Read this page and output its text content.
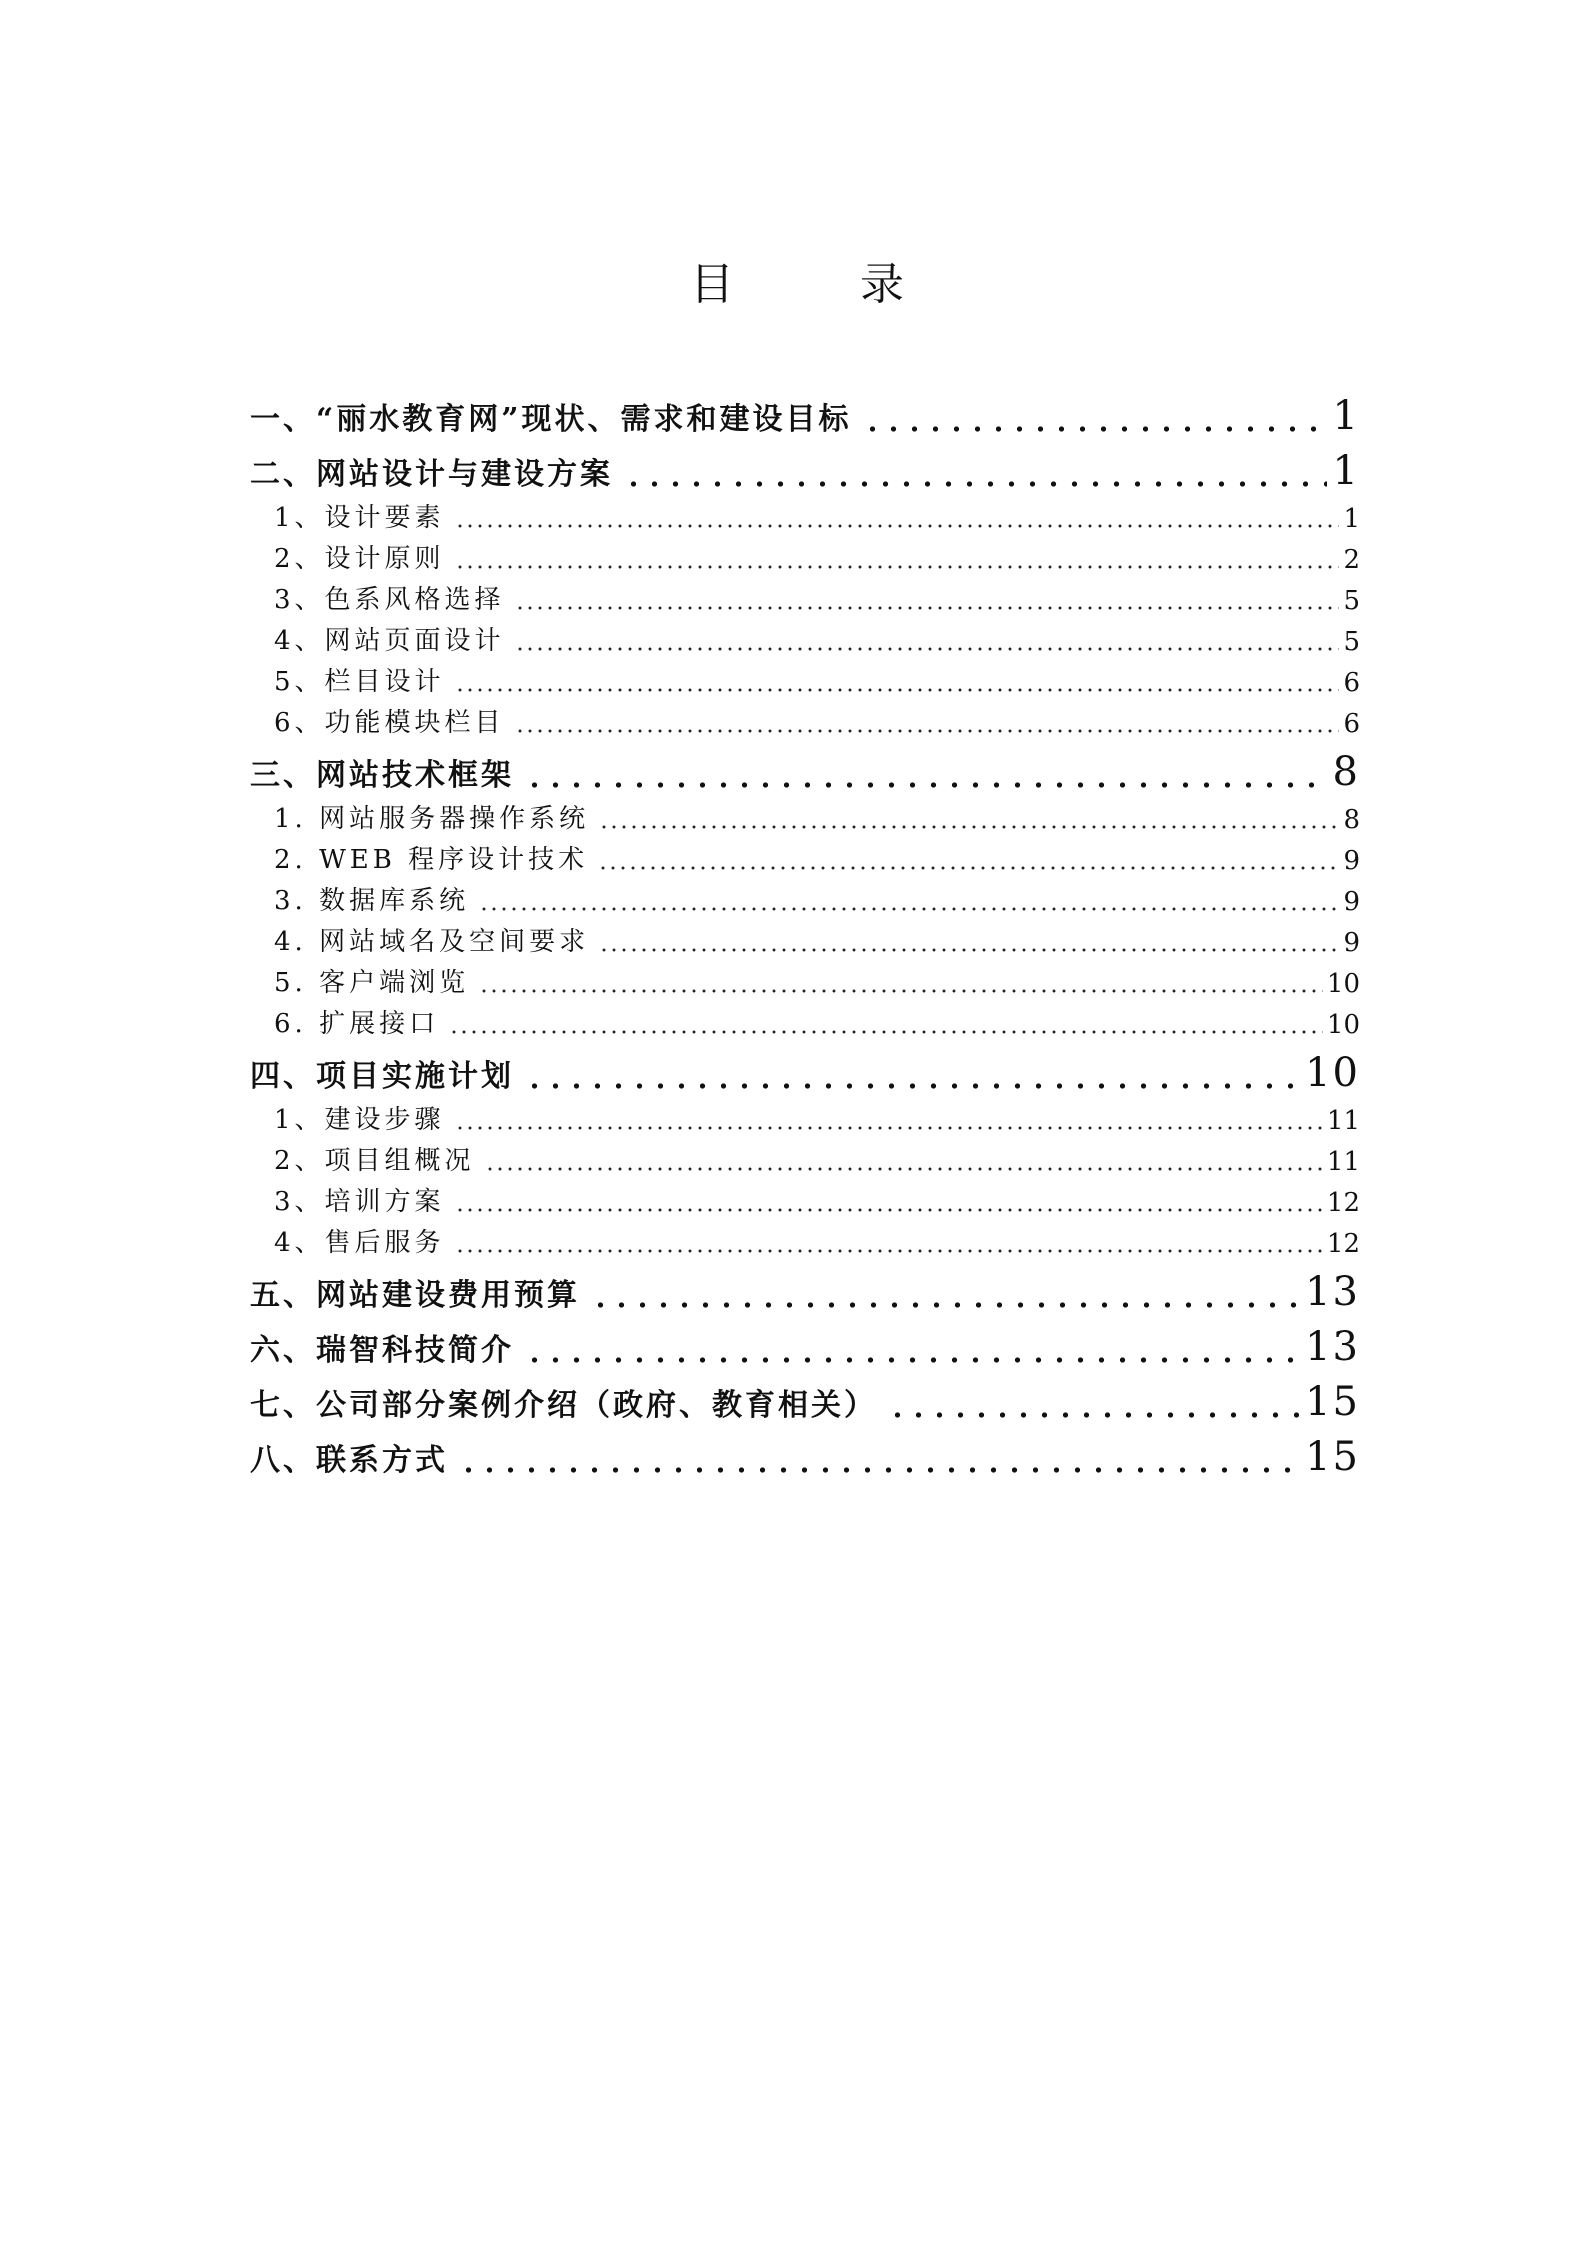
目 录
一、“丽水教育网”现状、需求和建设目标	1
二、网站设计与建设方案	1
1、设计要素	1
2、设计原则	2
3、色系风格选择	5
4、网站页面设计	5
5、栏目设计	6
6、功能模块栏目	6
三、网站技术框架	8
1. 网站服务器操作系统	8
2. WEB 程序设计技术	9
3. 数据库系统	9
4. 网站域名及空间要求	9
5. 客户端浏览	10
6. 扩展接口	10
四、项目实施计划	10
1、建设步骤	11
2、项目组概况	11
3、培训方案	12
4、售后服务	12
五、网站建设费用预算	13
六、瑞智科技简介	13
七、公司部分案例介绍（政府、教育相关）	15
八、联系方式	15
